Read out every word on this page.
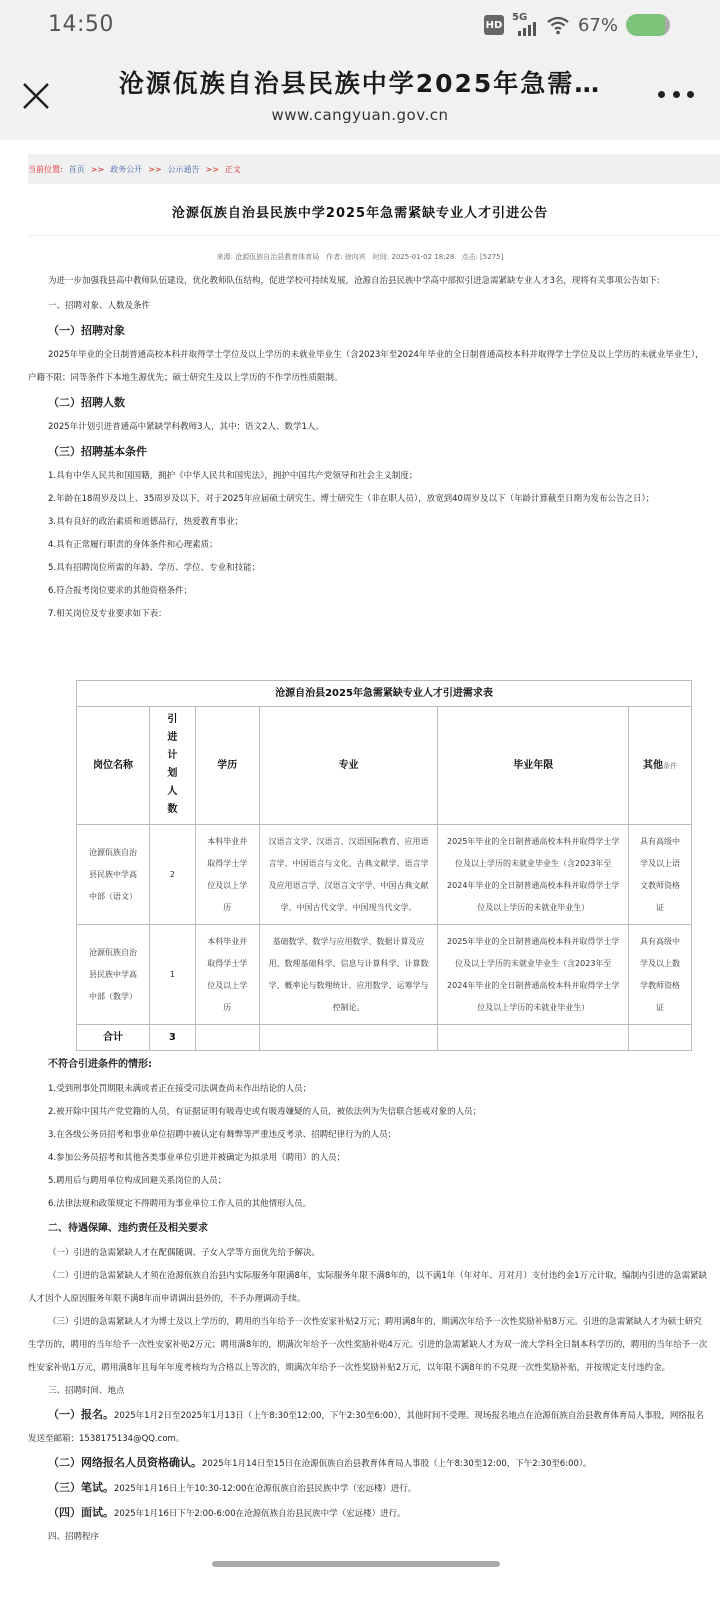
14:50	HD
5G	67%
沧源佤族自治县民族中学2025年急需…
www.cangyuan.gov.cn
当前位置: 首页 >> 政务公开 >> 公示通告 >> 正文
沧源佤族自治县民族中学2025年急需紧缺专业人才引进公告
来源: 沧源佤族自治县教育体育局　作者: 徐向宾　时间: 2025-01-02 18:28　点击: [5275]

为进一步加强我县高中教师队伍建设，优化教师队伍结构，促进学校可持续发展，沧源自治县民族中学高中部拟引进急需紧缺专业人才3名，现将有关事项公告如下:

一、招聘对象、人数及条件

（一）招聘对象

2025年毕业的全日制普通高校本科并取得学士学位及以上学历的未就业毕业生（含2023年至2024年毕业的全日制普通高校本科并取得学士学位及以上学历的未就业毕业生），户籍不限；同等条件下本地生源优先；硕士研究生及以上学历的不作学历性质限制。

（二）招聘人数

2025年计划引进普通高中紧缺学科教师3人，其中：语文2人、数学1人。

（三）招聘基本条件

1.具有中华人民共和国国籍，拥护《中华人民共和国宪法》，拥护中国共产党领导和社会主义制度；

2.年龄在18周岁及以上、35周岁及以下，对于2025年应届硕士研究生、博士研究生（非在职人员），放宽到40周岁及以下（年龄计算截至日期为发布公告之日）；

3.具有良好的政治素质和道德品行，热爱教育事业；

4.具有正常履行职责的身体条件和心理素质；

5.具有招聘岗位所需的年龄、学历、学位、专业和技能；

6.符合报考岗位要求的其他资格条件；

7.相关岗位及专业要求如下表：

沧源自治县2025年急需紧缺专业人才引进需求表					
岗位名称	引进计划人数	学历	专业	毕业年限	其他条件
沧源佤族自治县民族中学高中部（语文）	2	本科毕业并取得学士学位及以上学历	汉语言文学、汉语言、汉语国际教育、应用语言学、中国语言与文化、古典文献学、语言学及应用语言学、汉语言文字学、中国古典文献学、中国古代文学、中国现当代文学。	2025年毕业的全日制普通高校本科并取得学士学位及以上学历的未就业毕业生（含2023年至2024年毕业的全日制普通高校本科并取得学士学位及以上学历的未就业毕业生）	具有高级中学及以上语文教师资格证
沧源佤族自治县民族中学高中部（数学）	1	本科毕业并取得学士学位及以上学历	基础数学、数学与应用数学、数据计算及应用、数理基础科学、信息与计算科学、计算数学、概率论与数理统计、应用数学、运筹学与控制论。	2025年毕业的全日制普通高校本科并取得学士学位及以上学历的未就业毕业生（含2023年至2024年毕业的全日制普通高校本科并取得学士学位及以上学历的未就业毕业生）	具有高级中学及以上数学教师资格证
合计	3				

不符合引进条件的情形:

1.受到刑事处罚期限未满或者正在接受司法调查尚未作出结论的人员；

2.被开除中国共产党党籍的人员，有证据证明有吸毒史或有吸毒嫌疑的人员，被依法列为失信联合惩戒对象的人员；

3.在各级公务员招考和事业单位招聘中被认定有舞弊等严重违反考录、招聘纪律行为的人员；

4.参加公务员招考和其他各类事业单位引进并被确定为拟录用（聘用）的人员；

5.聘用后与聘用单位构成回避关系岗位的人员；

6.法律法规和政策规定不得聘用为事业单位工作人员的其他情形人员。

二、待遇保障、违约责任及相关要求

（一）引进的急需紧缺人才在配偶随调、子女入学等方面优先给予解决。

（二）引进的急需紧缺人才须在沧源佤族自治县内实际服务年限满8年，实际服务年限不满8年的，以不满1年（年对年、月对月）支付违约金1万元计取，编制内引进的急需紧缺人才因个人原因服务年限不满8年而申请调出县外的，不予办理调动手续。

（三）引进的急需紧缺人才为博士及以上学历的，聘用的当年给予一次性安家补贴2万元；聘用满8年的，期满次年给予一次性奖励补贴8万元。引进的急需紧缺人才为硕士研究生学历的，聘用的当年给予一次性安家补贴2万元；聘用满8年的，期满次年给予一次性奖励补贴4万元。引进的急需紧缺人才为双一流大学科全日制本科学历的，聘用的当年给予一次性安家补贴1万元，聘用满8年且每年年度考核均为合格以上等次的，期满次年给予一次性奖励补贴2万元，以年限不满8年的不兑现一次性奖励补贴，并按规定支付违约金。

三、招聘时间、地点

（一）报名。2025年1月2日至2025年1月13日（上午8:30至12:00，下午2:30至6:00），其他时间不受理。现场报名地点在沧源佤族自治县教育体育局人事股，网络报名发送至邮箱：1538175134@QQ.com。

（二）网络报名人员资格确认。2025年1月14日至15日在沧源佤族自治县教育体育局人事股（上午8:30至12:00，下午2:30至6:00）。

（三）笔试。2025年1月16日上午10:30-12:00在沧源佤族自治县民族中学（宏远楼）进行。

（四）面试。2025年1月16日下午2:00-6:00在沧源佤族自治县民族中学（宏远楼）进行。

四、招聘程序
